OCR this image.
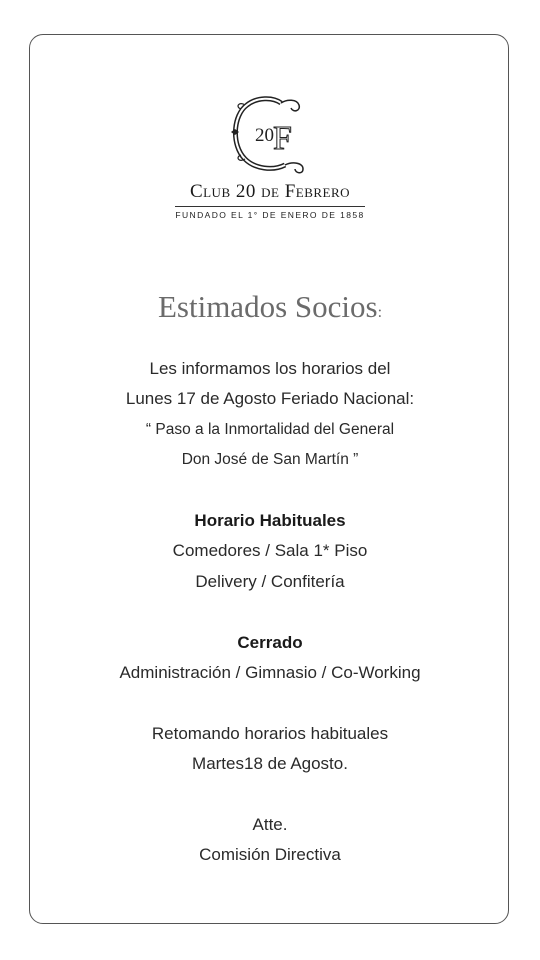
20 F
Club 20 de Febrero
FUNDADO EL 1° DE ENERO DE 1858
Estimados Socios:
Les informamos los horarios del
Lunes 17 de Agosto Feriado Nacional:
“ Paso a la Inmortalidad del General
Don José de San Martín ”
Horario Habituales
Comedores / Sala 1* Piso
Delivery / Confitería
Cerrado
Administración / Gimnasio / Co-Working
Retomando horarios habituales
Martes18 de Agosto.
Atte.
Comisión Directiva
